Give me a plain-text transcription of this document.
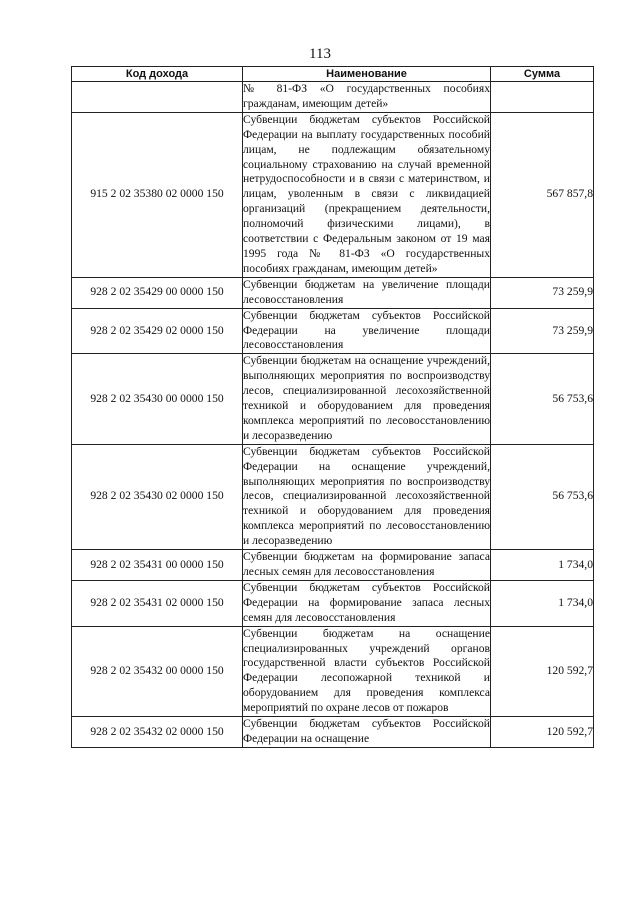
113
Код дохода	Наименование	Сумма
	№ 81-ФЗ «О государственных пособиях гражданам, имеющим детей»	
915 2 02 35380 02 0000 150	Субвенции бюджетам субъектов Российской Федерации на выплату государственных пособий лицам, не подлежащим обязательному социальному страхованию на случай временной нетрудоспособности и в связи с материнством, и лицам, уволенным в связи с ликвидацией организаций (прекращением деятельности, полномочий физическими лицами), в соответствии с Федеральным законом от 19 мая 1995 года № 81-ФЗ «О государственных пособиях гражданам, имеющим детей»	567 857,8
928 2 02 35429 00 0000 150	Субвенции бюджетам на увеличение площади лесовосстановления	73 259,9
928 2 02 35429 02 0000 150	Субвенции бюджетам субъектов Российской Федерации на увеличение площади лесовосстановления	73 259,9
928 2 02 35430 00 0000 150	Субвенции бюджетам на оснащение учреждений, выполняющих мероприятия по воспроизводству лесов, специализированной лесохозяйственной техникой и оборудованием для проведения комплекса мероприятий по лесовосстановлению и лесоразведению	56 753,6
928 2 02 35430 02 0000 150	Субвенции бюджетам субъектов Российской Федерации на оснащение учреждений, выполняющих мероприятия по воспроизводству лесов, специализированной лесохозяйственной техникой и оборудованием для проведения комплекса мероприятий по лесовосстановлению и лесоразведению	56 753,6
928 2 02 35431 00 0000 150	Субвенции бюджетам на формирование запаса лесных семян для лесовосстановления	1 734,0
928 2 02 35431 02 0000 150	Субвенции бюджетам субъектов Российской Федерации на формирование запаса лесных семян для лесовосстановления	1 734,0
928 2 02 35432 00 0000 150	Субвенции бюджетам на оснащение специализированных учреждений органов государственной власти субъектов Российской Федерации лесопожарной техникой и оборудованием для проведения комплекса мероприятий по охране лесов от пожаров	120 592,7
928 2 02 35432 02 0000 150	Субвенции бюджетам субъектов Российской Федерации на оснащение	120 592,7
